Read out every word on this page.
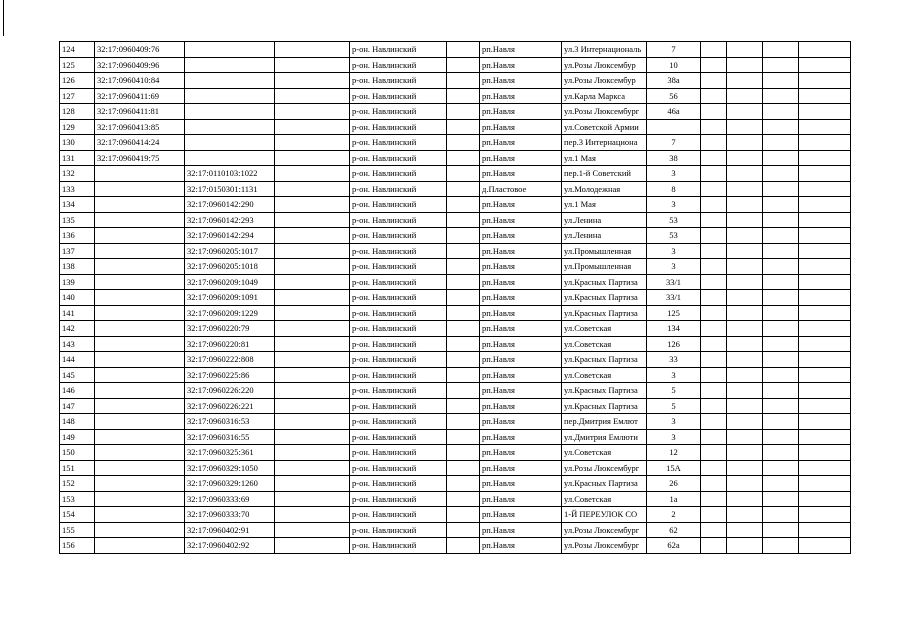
124	32:17:0960409:76			р-он. Навлинский		рп.Навля	ул.3 Интернациональ	7				
125	32:17:0960409:96			р-он. Навлинский		рп.Навля	ул.Розы Люксембур	10				
126	32:17:0960410:84			р-он. Навлинский		рп.Навля	ул.Розы Люксембур	38а				
127	32:17:0960411:69			р-он. Навлинский		рп.Навля	ул.Карла Маркса	56				
128	32:17:0960411:81			р-он. Навлинский		рп.Навля	ул.Розы Люксембург	46а				
129	32:17:0960413:85			р-он. Навлинский		рп.Навля	ул.Советской Армии					
130	32:17:0960414:24			р-он. Навлинский		рп.Навля	пер.3 Интернациона	7				
131	32:17:0960419:75			р-он. Навлинский		рп.Навля	ул.1 Мая	38				
132		32:17:0110103:1022		р-он. Навлинский		рп.Навля	пер.1-й Советский	3				
133		32:17:0150301:1131		р-он. Навлинский		д.Пластовое	ул.Молодежная	8				
134		32:17:0960142:290		р-он. Навлинский		рп.Навля	ул.1 Мая	3				
135		32:17:0960142:293		р-он. Навлинский		рп.Навля	ул.Ленина	53				
136		32:17:0960142:294		р-он. Навлинский		рп.Навля	ул.Ленина	53				
137		32:17:0960205:1017		р-он. Навлинский		рп.Навля	ул.Промышленная	3				
138		32:17:0960205:1018		р-он. Навлинский		рп.Навля	ул.Промышленная	3				
139		32:17:0960209:1049		р-он. Навлинский		рп.Навля	ул.Красных Партиза	33/1				
140		32:17:0960209:1091		р-он. Навлинский		рп.Навля	ул.Красных Партиза	33/1				
141		32:17:0960209:1229		р-он. Навлинский		рп.Навля	ул.Красных Партиза	125				
142		32:17:0960220:79		р-он. Навлинский		рп.Навля	ул.Советская	134				
143		32:17:0960220:81		р-он. Навлинский		рп.Навля	ул.Советская	126				
144		32:17:0960222:808		р-он. Навлинский		рп.Навля	ул.Красных Партиза	33				
145		32:17:0960225:86		р-он. Навлинский		рп.Навля	ул.Советская	3				
146		32:17:0960226:220		р-он. Навлинский		рп.Навля	ул.Красных Партиза	5				
147		32:17:0960226:221		р-он. Навлинский		рп.Навля	ул.Красных Партиза	5				
148		32:17:0960316:53		р-он. Навлинский		рп.Навля	пер.Дмитрия Емлют	3				
149		32:17:0960316:55		р-он. Навлинский		рп.Навля	ул.Дмитрия Емлюти	3				
150		32:17:0960325:361		р-он. Навлинский		рп.Навля	ул.Советская	12				
151		32:17:0960329:1050		р-он. Навлинский		рп.Навля	ул.Розы Люксембург	15А				
152		32:17:0960329:1260		р-он. Навлинский		рп.Навля	ул.Красных Партиза	26				
153		32:17:0960333:69		р-он. Навлинский		рп.Навля	ул.Советская	1а				
154		32:17:0960333:70		р-он. Навлинский		рп.Навля	1-Й ПЕРЕУЛОК СО	2				
155		32:17:0960402:91		р-он. Навлинский		рп.Навля	ул.Розы Люксембург	62				
156		32:17:0960402:92		р-он. Навлинский		рп.Навля	ул.Розы Люксембург	62а				
